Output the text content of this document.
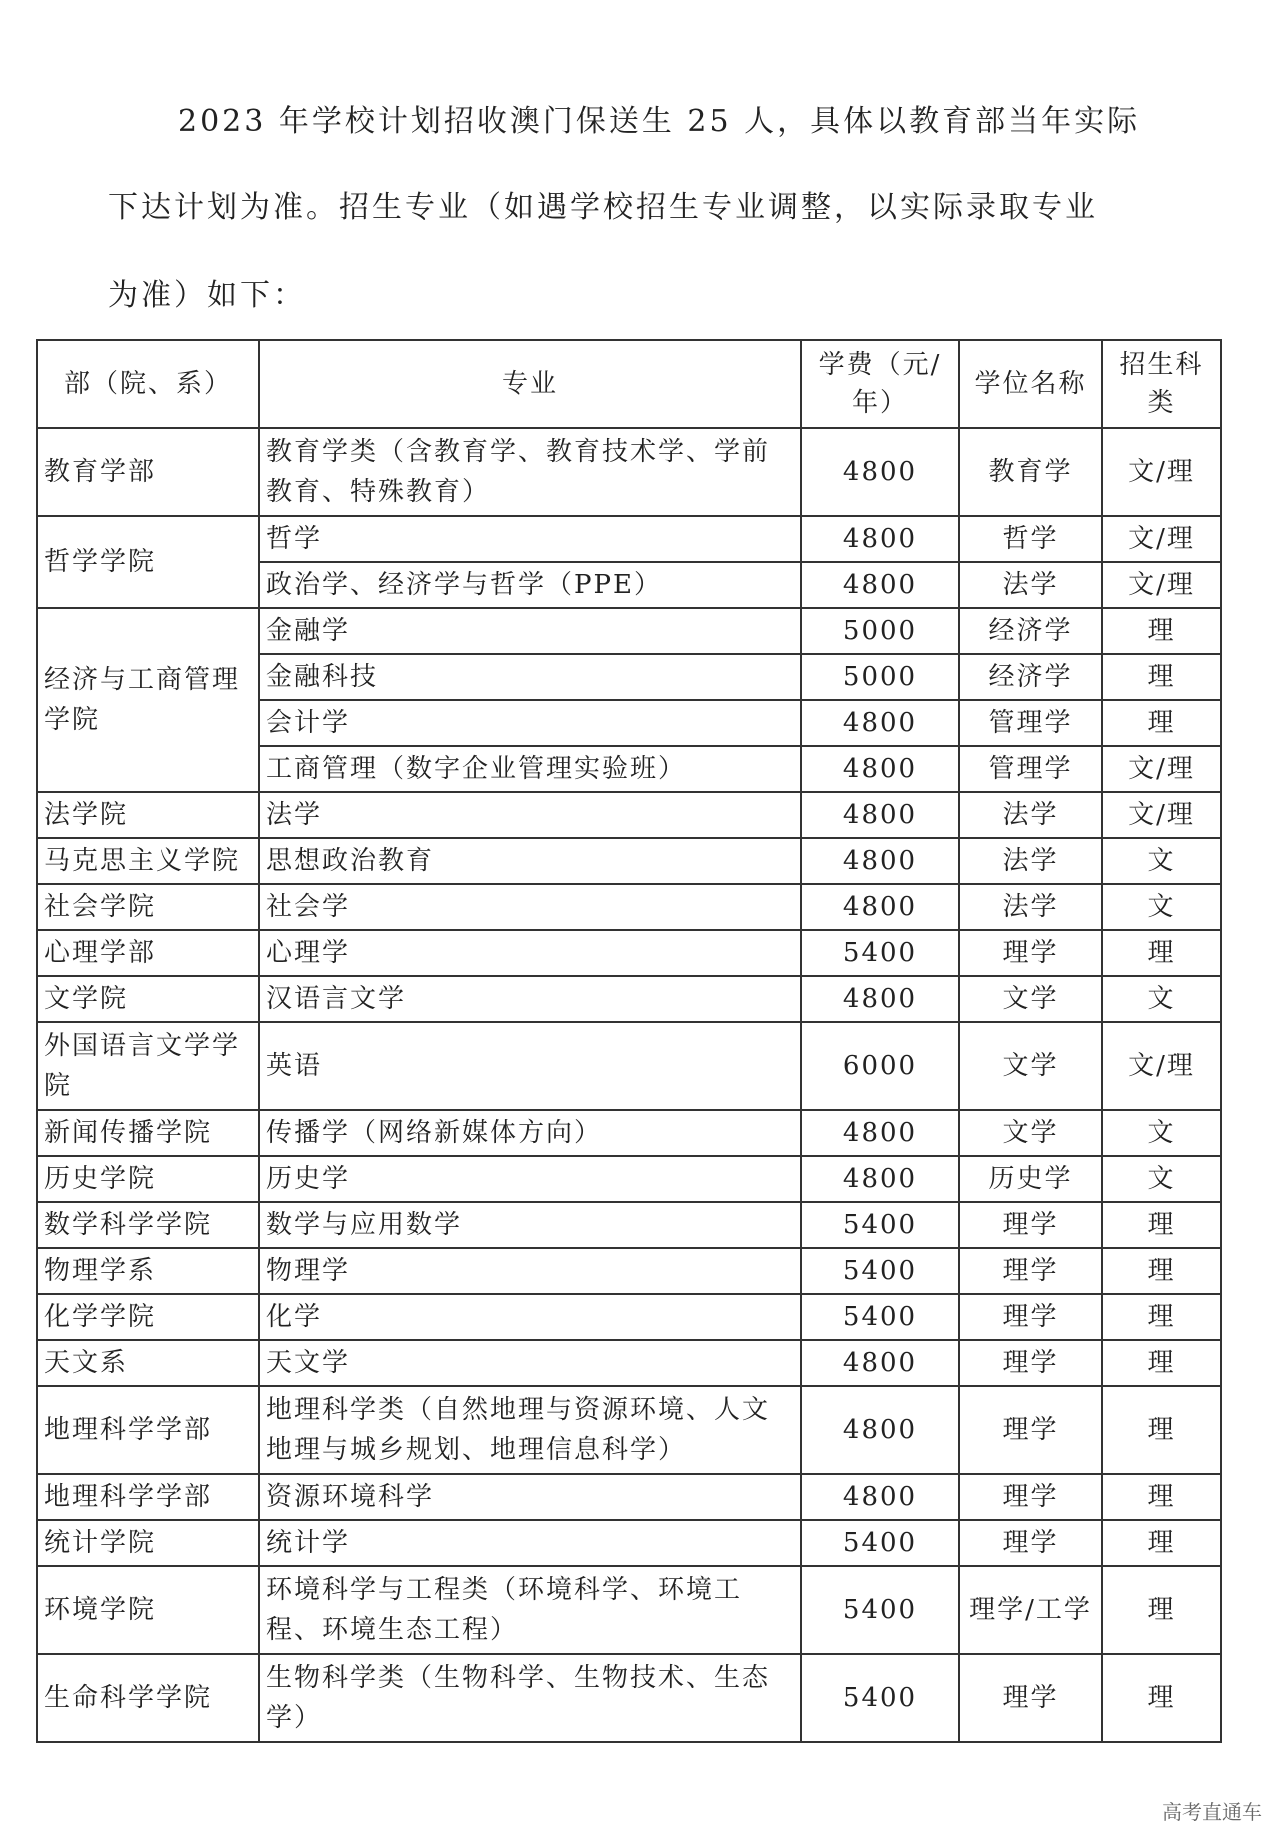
2023 年学校计划招收澳门保送生 25 人，具体以教育部当年实际

下达计划为准。招生专业（如遇学校招生专业调整，以实际录取专业

为准）如下：

部（院、系）	专业	学费（元/年）	学位名称	招生科类
教育学部	教育学类（含教育学、教育技术学、学前教育、特殊教育）	4800	教育学	文/理
哲学学院	哲学	4800	哲学	文/理
	政治学、经济学与哲学（PPE）	4800	法学	文/理
经济与工商管理学院	金融学	5000	经济学	理
	金融科技	5000	经济学	理
	会计学	4800	管理学	理
	工商管理（数字企业管理实验班）	4800	管理学	文/理
法学院	法学	4800	法学	文/理
马克思主义学院	思想政治教育	4800	法学	文
社会学院	社会学	4800	法学	文
心理学部	心理学	5400	理学	理
文学院	汉语言文学	4800	文学	文
外国语言文学学院	英语	6000	文学	文/理
新闻传播学院	传播学（网络新媒体方向）	4800	文学	文
历史学院	历史学	4800	历史学	文
数学科学学院	数学与应用数学	5400	理学	理
物理学系	物理学	5400	理学	理
化学学院	化学	5400	理学	理
天文系	天文学	4800	理学	理
地理科学学部	地理科学类（自然地理与资源环境、人文地理与城乡规划、地理信息科学）	4800	理学	理
地理科学学部	资源环境科学	4800	理学	理
统计学院	统计学	5400	理学	理
环境学院	环境科学与工程类（环境科学、环境工程、环境生态工程）	5400	理学/工学	理
生命科学学院	生物科学类（生物科学、生物技术、生态学）	5400	理学	理
高考直通车
